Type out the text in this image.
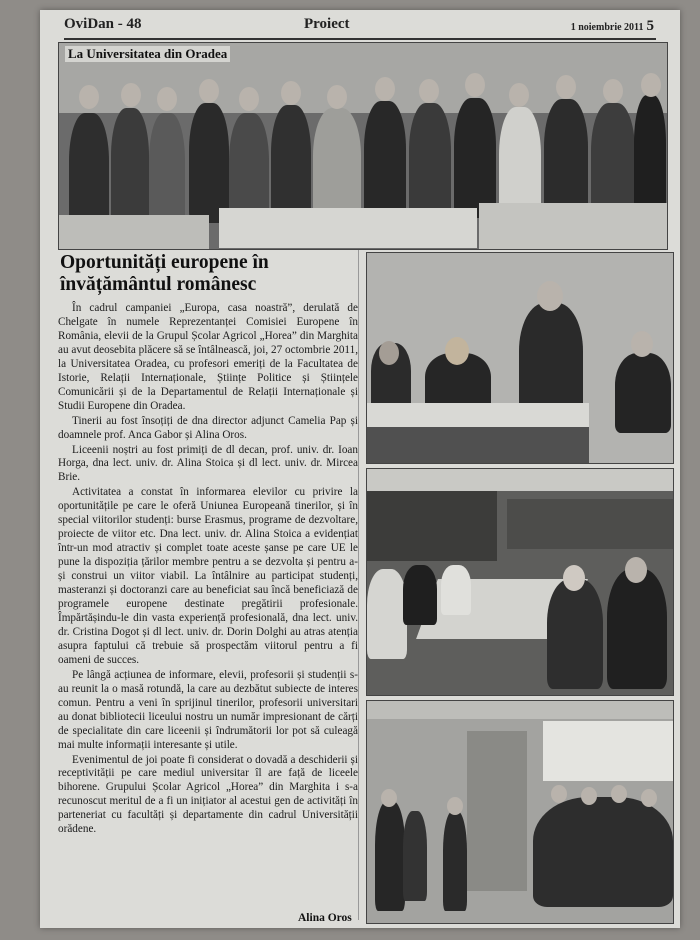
OviDan - 48	Proiect	1 noiembrie 2011 5
La Universitatea din Oradea
Oportunități europene în
învățământul românesc

În cadrul campaniei „Europa, casa noastră”, derulată de Chelgate în numele Reprezentanței Comisiei Europene în România, elevii de la Grupul Școlar Agricol „Horea” din Marghita au avut deosebita plăcere să se întâlnească, joi, 27 octombrie 2011, la Universitatea Oradea, cu profesori emeriți de la Facultatea de Istorie, Relații Internaționale, Științe Politice și Științele Comunicării și de la Departamentul de Relații Internaționale și Studii Europene din Oradea.

Tinerii au fost însoțiți de dna director adjunct Camelia Pap și doamnele prof. Anca Gabor și Alina Oros.

Liceenii noștri au fost primiți de dl decan, prof. univ. dr. Ioan Horga, dna lect. univ. dr. Alina Stoica și dl lect. univ. dr. Mircea Brie.

Activitatea a constat în informarea elevilor cu privire la oportunitățile pe care le oferă Uniunea Europeană tinerilor, și în special viitorilor studenți: burse Erasmus, programe de dezvoltare, proiecte de viitor etc. Dna lect. univ. dr. Alina Stoica a evidențiat într-un mod atractiv și complet toate aceste șanse pe care UE le pune la dispoziția țărilor membre pentru a se dezvolta și pentru a-și construi un viitor viabil. La întâlnire au participat studenți, masteranzi și doctoranzi care au beneficiat sau încă beneficiază de programele europene destinate pregătirii profesionale. Împărtășindu-le din vasta experiență profesională, dna lect. univ. dr. Cristina Dogot și dl lect. univ. dr. Dorin Dolghi au atras atenția asupra faptului că trebuie să prospectăm viitorul pentru a fi oameni de succes.

Pe lângă acțiunea de informare, elevii, profesorii și studenții s-au reunit la o masă rotundă, la care au dezbătut subiecte de interes comun. Pentru a veni în sprijinul tinerilor, profesorii universitari au donat bibliotecii liceului nostru un număr impresionant de cărți de specialitate din care liceenii și îndrumătorii lor pot să culeagă mai multe informații interesante și utile.

Evenimentul de joi poate fi considerat o dovadă a deschiderii și receptivității pe care mediul universitar îl are față de liceele bihorene. Grupului Școlar Agricol „Horea” din Marghita i s-a recunoscut meritul de a fi un inițiator al acestui gen de activități în parteneriat cu facultăți și departamente din cadrul Universității orădene.

Alina Oros
